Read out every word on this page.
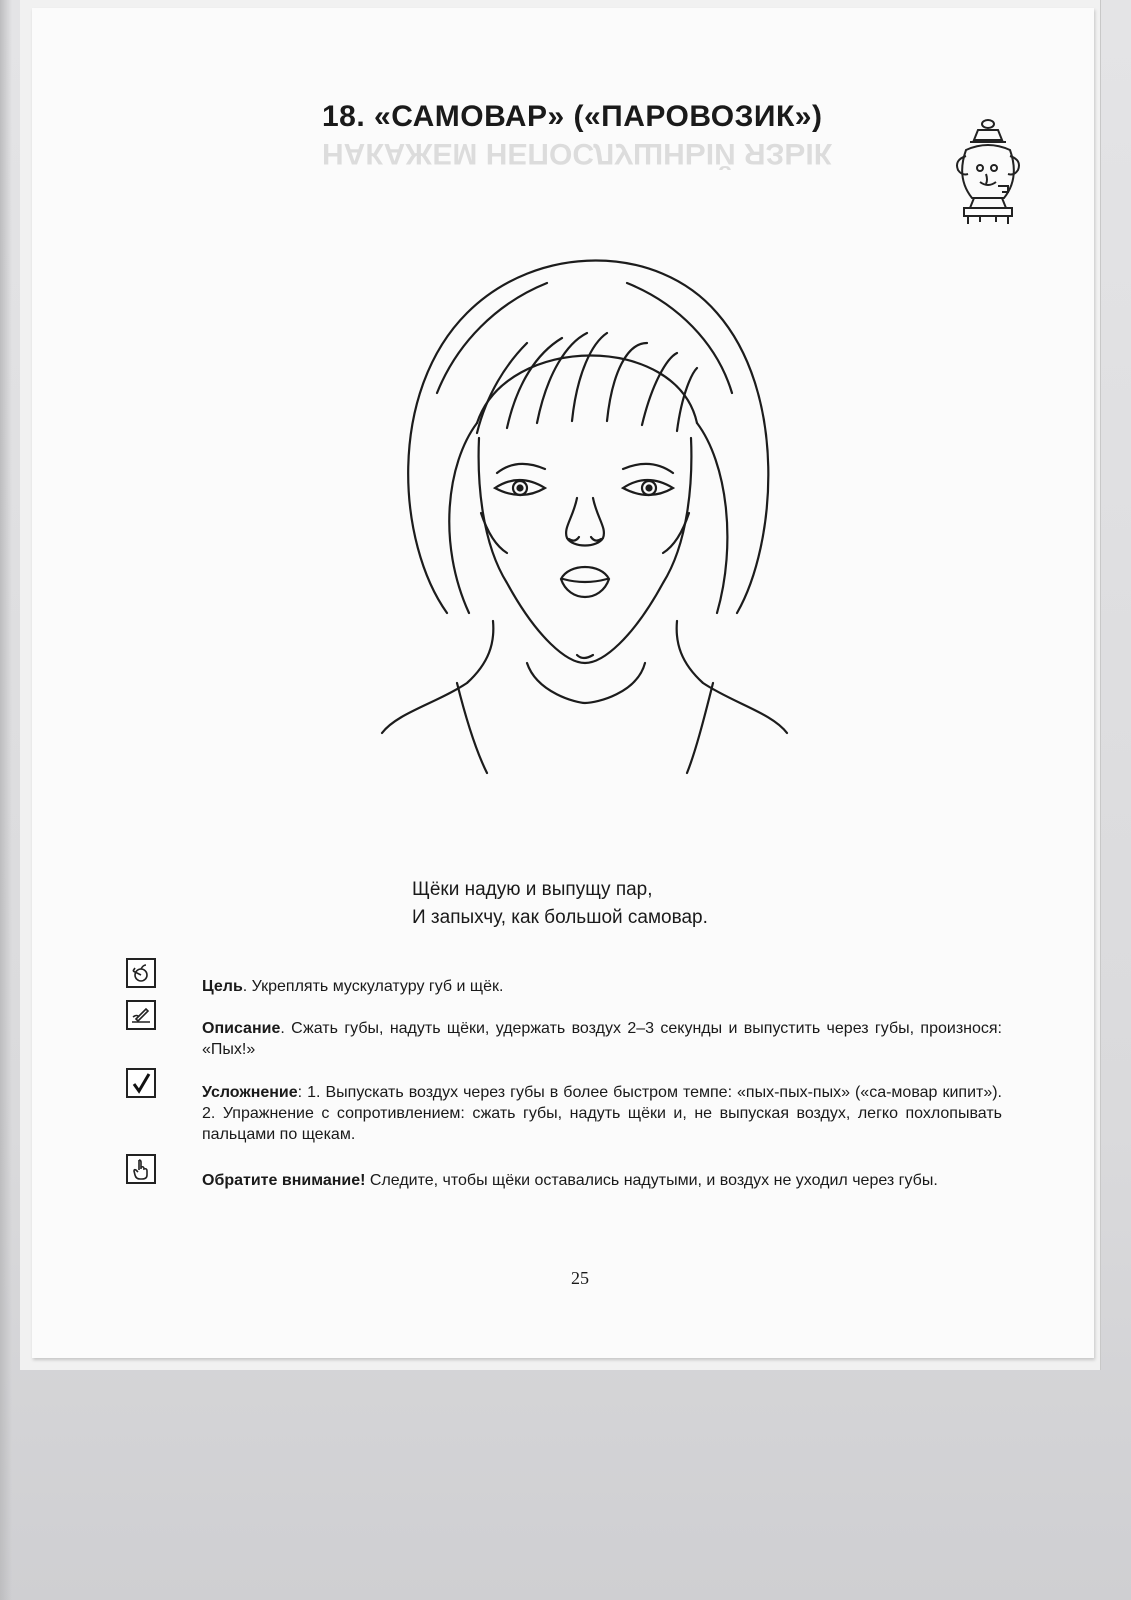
НАКАЖЕМ НЕПОСЛУШНЫЙ ЯЗЫК
18. «САМОВАР» («ПАРОВОЗИК»)
Щёки надую и выпущу пар,
И запыхчу, как большой самовар.
Цель. Укреплять мускулатуру губ и щёк.
Описание. Сжать губы, надуть щёки, удержать воздух 2–3 секунды и выпустить через губы, произнося: «Пых!»
Усложнение: 1. Выпускать воздух через губы в более быстром темпе: «пых-пых-пых» («са-мовар кипит»). 2. Упражнение с сопротивлением: сжать губы, надуть щёки и, не выпуская воздух, легко похлопывать пальцами по щекам.
Обратите внимание! Следите, чтобы щёки оставались надутыми, и воздух не уходил через губы.
25
